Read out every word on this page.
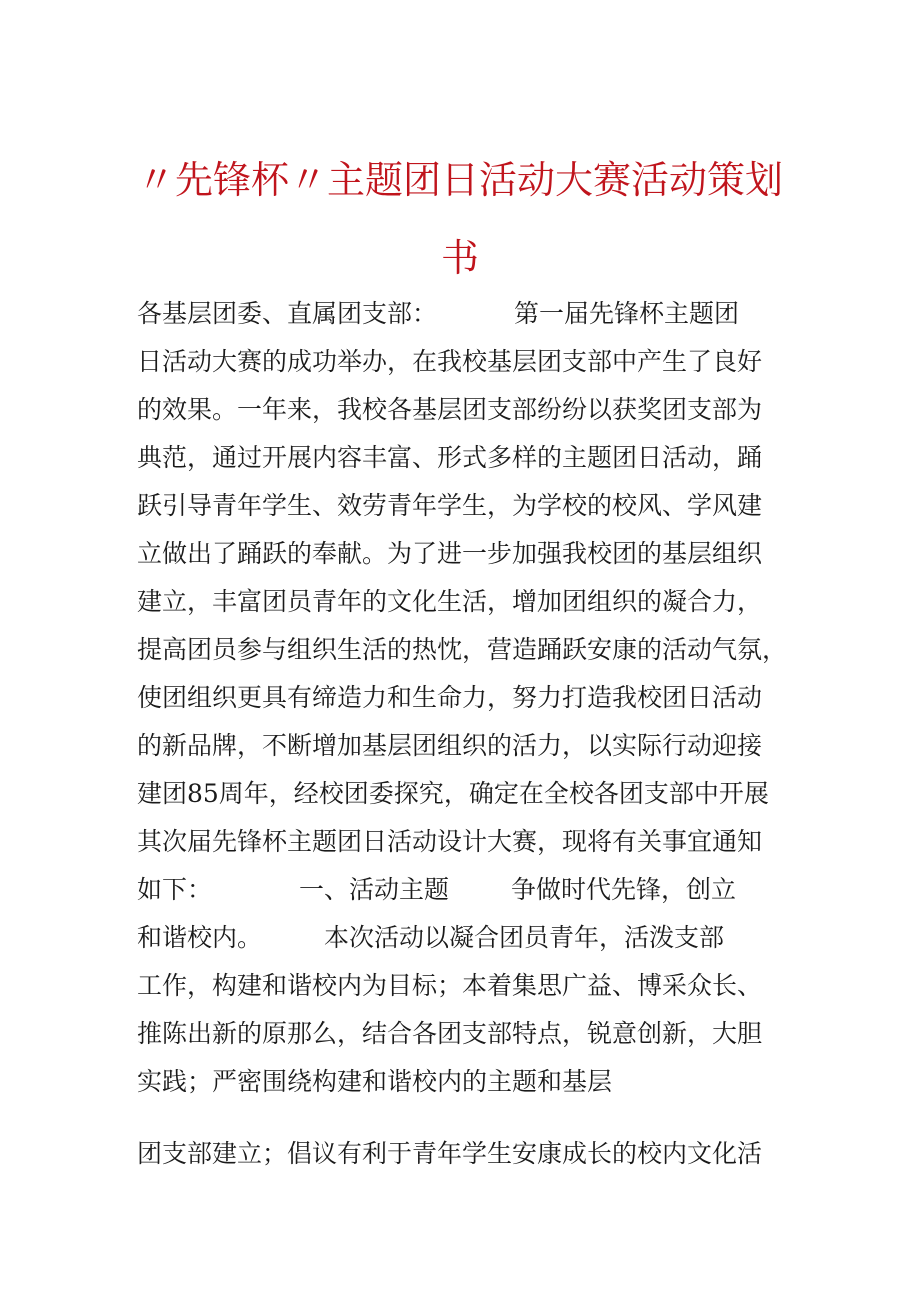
〃先锋杯〃主题团日活动大赛活动策划
书
各基层团委、直属团支部：	第一届先锋杯主题团
日活动大赛的成功举办，在我校基层团支部中产生了良好
的效果。一年来，我校各基层团支部纷纷以获奖团支部为
典范，通过开展内容丰富、形式多样的主题团日活动，踊
跃引导青年学生、效劳青年学生，为学校的校风、学风建
立做出了踊跃的奉献。为了进一步加强我校团的基层组织
建立，丰富团员青年的文化生活，增加团组织的凝合力，
提高团员参与组织生活的热忱，营造踊跃安康的活动气氛，
使团组织更具有缔造力和生命力，努力打造我校团日活动
的新品牌，不断增加基层团组织的活力，以实际行动迎接
建团85周年，经校团委探究，确定在全校各团支部中开展
其次届先锋杯主题团日活动设计大赛，现将有关事宜通知
如下：	一、活动主题 争做时代先锋，创立
和谐校内。 本次活动以凝合团员青年，活泼支部
工作，构建和谐校内为目标；本着集思广益、博采众长、
推陈出新的原那么，结合各团支部特点，锐意创新，大胆
实践；严密围绕构建和谐校内的主题和基层
团支部建立；倡议有利于青年学生安康成长的校内文化活
